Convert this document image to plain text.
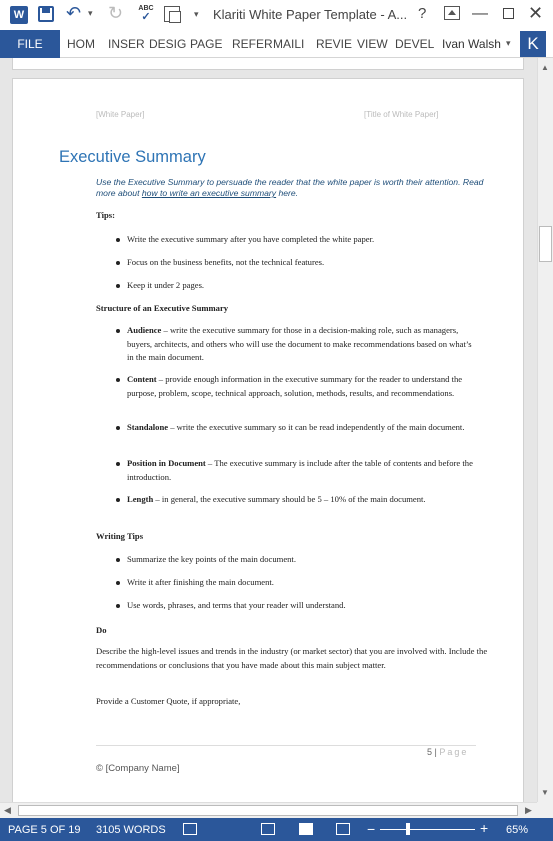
W ↶ ▾ ↻ ABC
✓	▾ Klariti White Paper Template - A... ?	— ✕
FILE	HOM INSER DESIG PAGE REFER MAILI REVIE VIEW DEVEL Ivan Walsh ▾ K
[White Paper]	[Title of White Paper]
Executive Summary
Use the Executive Summary to persuade the reader that the white paper is worth their attention. Read more about how to write an executive summary here.
Tips:
Write the executive summary after you have completed the white paper.
Focus on the business benefits, not the technical features.
Keep it under 2 pages.
Structure of an Executive Summary
Audience – write the executive summary for those in a decision-making role, such as managers, buyers, architects, and others who will use the document to make recommendations based on what’s in the main document.
Content – provide enough information in the executive summary for the reader to understand the purpose, problem, scope, technical approach, solution, methods, results, and recommendations.
Standalone – write the executive summary so it can be read independently of the main document.
Position in Document – The executive summary is include after the table of contents and before the introduction.
Length – in general, the executive summary should be 5 – 10% of the main document.
Writing Tips
Summarize the key points of the main document.
Write it after finishing the main document.
Use words, phrases, and terms that your reader will understand.
Do
Describe the high-level issues and trends in the industry (or market sector) that you are involved with. Include the recommendations or conclusions that you have made about this main subject matter.
Provide a Customer Quote, if appropriate,
5 | Page
© [Company Name]
▲
▼
◀	▶
PAGE 5 OF 19 3105 WORDS	−	+ 65%
